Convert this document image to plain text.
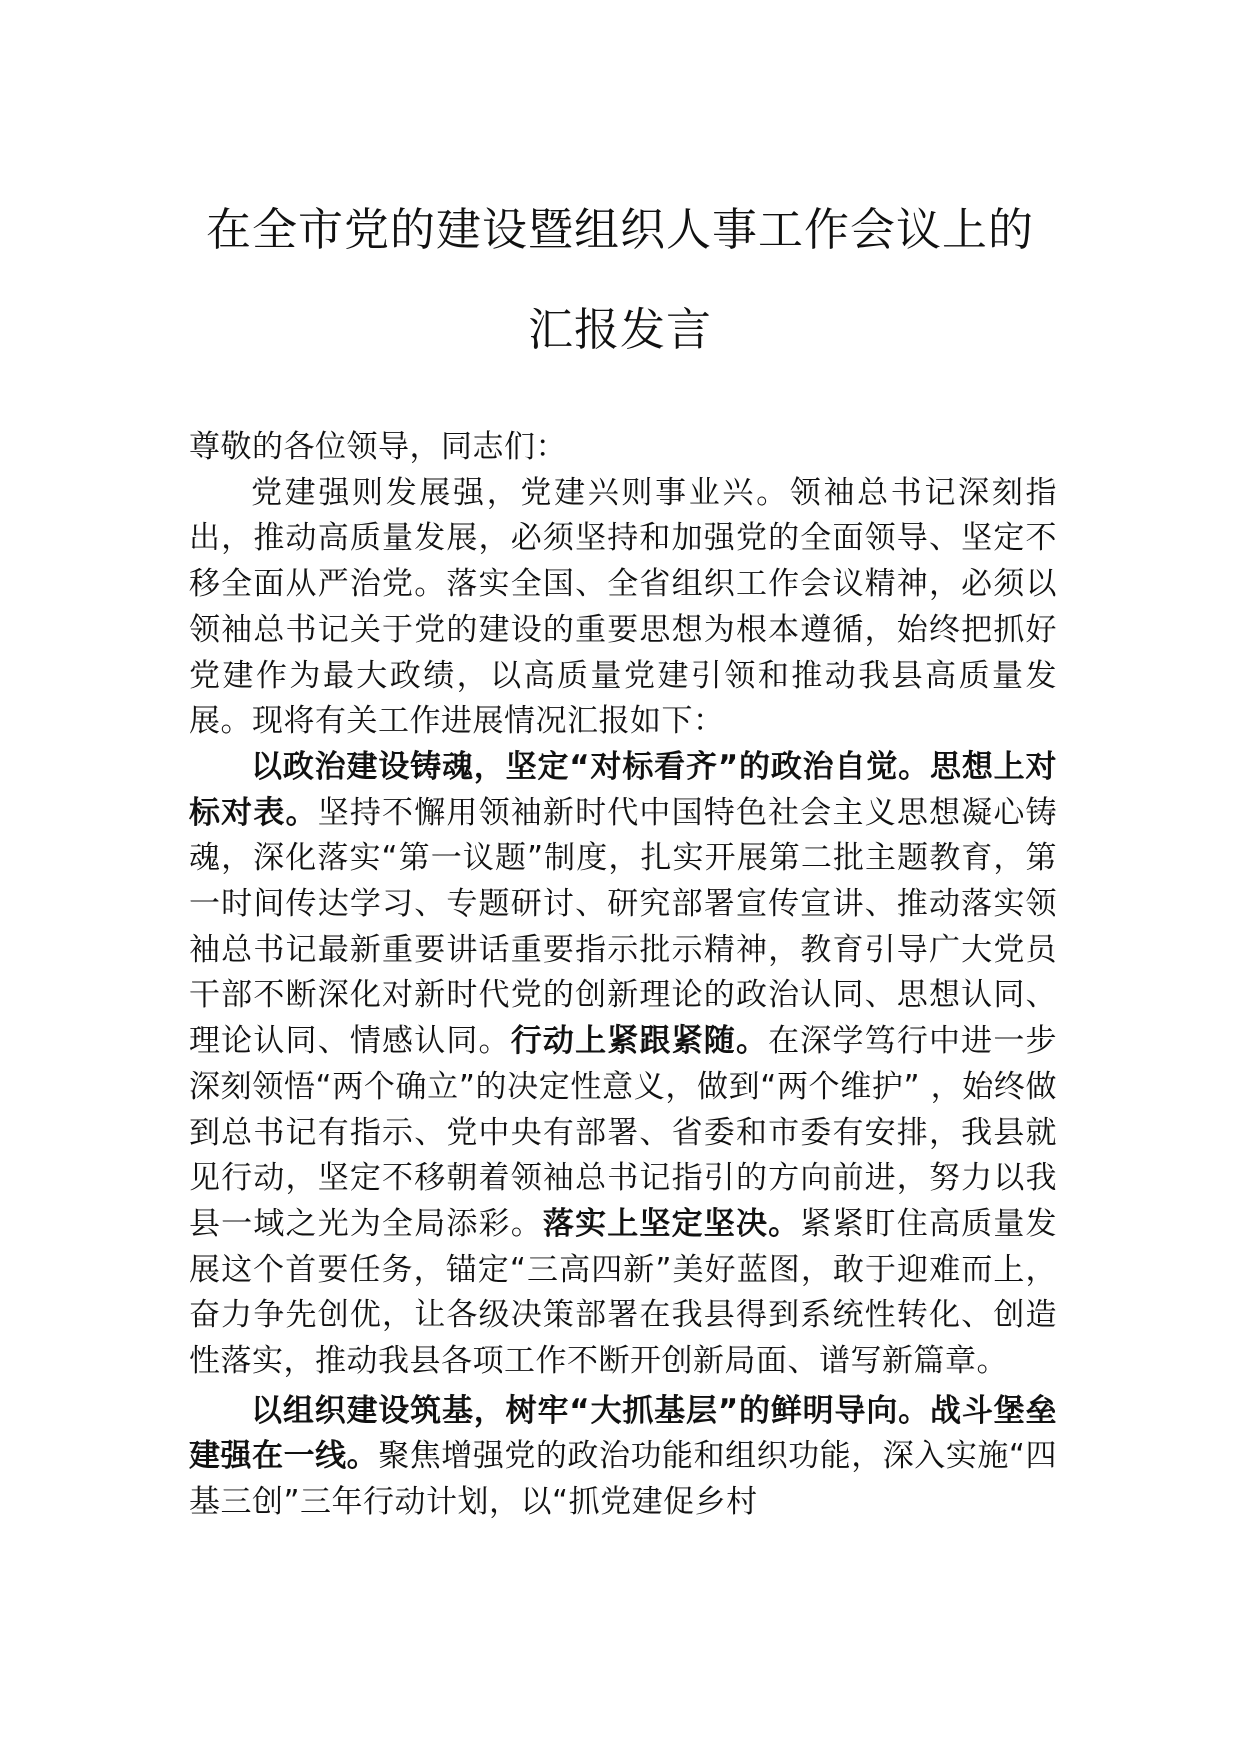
在全市党的建设暨组织人事工作会议上的
汇报发言

尊敬的各位领导，同志们：

党建强则发展强，党建兴则事业兴。领袖总书记深刻指出，推动高质量发展，必须坚持和加强党的全面领导、坚定不移全面从严治党。落实全国、全省组织工作会议精神，必须以领袖总书记关于党的建设的重要思想为根本遵循，始终把抓好党建作为最大政绩，以高质量党建引领和推动我县高质量发展。现将有关工作进展情况汇报如下：

以政治建设铸魂，坚定“对标看齐”的政治自觉。思想上对标对表。坚持不懈用领袖新时代中国特色社会主义思想凝心铸魂，深化落实“第一议题”制度，扎实开展第二批主题教育，第一时间传达学习、专题研讨、研究部署宣传宣讲、推动落实领袖总书记最新重要讲话重要指示批示精神，教育引导广大党员干部不断深化对新时代党的创新理论的政治认同、思想认同、理论认同、情感认同。行动上紧跟紧随。在深学笃行中进一步深刻领悟“两个确立”的决定性意义，做到“两个维护” ，始终做到总书记有指示、党中央有部署、省委和市委有安排，我县就见行动，坚定不移朝着领袖总书记指引的方向前进，努力以我县一域之光为全局添彩。落实上坚定坚决。紧紧盯住高质量发展这个首要任务，锚定“三高四新”美好蓝图，敢于迎难而上，奋力争先创优，让各级决策部署在我县得到系统性转化、创造性落实，推动我县各项工作不断开创新局面、谱写新篇章。

以组织建设筑基，树牢“大抓基层”的鲜明导向。战斗堡垒建强在一线。聚焦增强党的政治功能和组织功能，深入实施“四基三创”三年行动计划，以“抓党建促乡村
